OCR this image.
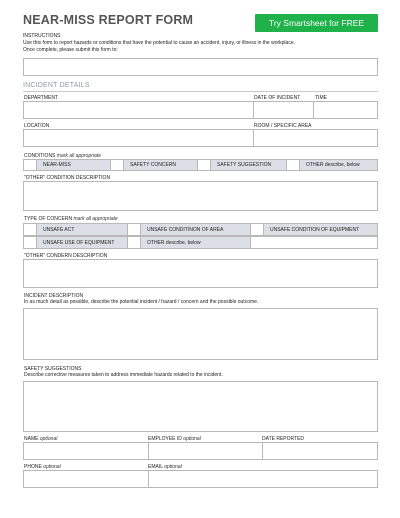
NEAR-MISS REPORT FORM	Try Smartsheet for FREE
INSTRUCTIONS
Use this form to report hazards or conditions that have the potential to cause an accident, injury, or illness in the workplace.
Once complete, please submit this form to:
INCIDENT DETAILS
DEPARTMENT	DATE OF INCIDENT	TIME
LOCATION	ROOM / SPECIFIC AREA
CONDITIONS mark all appropriate
NEAR-MISS	SAFETY CONCERN	SAFETY SUGGESTION	OTHER describe, below
"OTHER" CONDITION DESCRIPTION
TYPE OF CONCERN mark all appropriate
UNSAFE ACT	UNSAFE CONDITINON OF AREA	UNSAFE CONDITION OF EQUIPMENT
UNSAFE USE OF EQUIPMENT	OTHER describe, below
"OTHER" CONDERN DESCRIPTION
INCIDENT DESCRIPTION
In as much detail as possible, describe the potential incident / hazard / concern and the possible outcome.
SAFETY SUGGESTIONS
Describe corrective measures taken to address immediate hazards related to the incident.
NAME optional	EMPLOYEE ID optional	DATE REPORTED
PHONE optional	EMAIL optional
